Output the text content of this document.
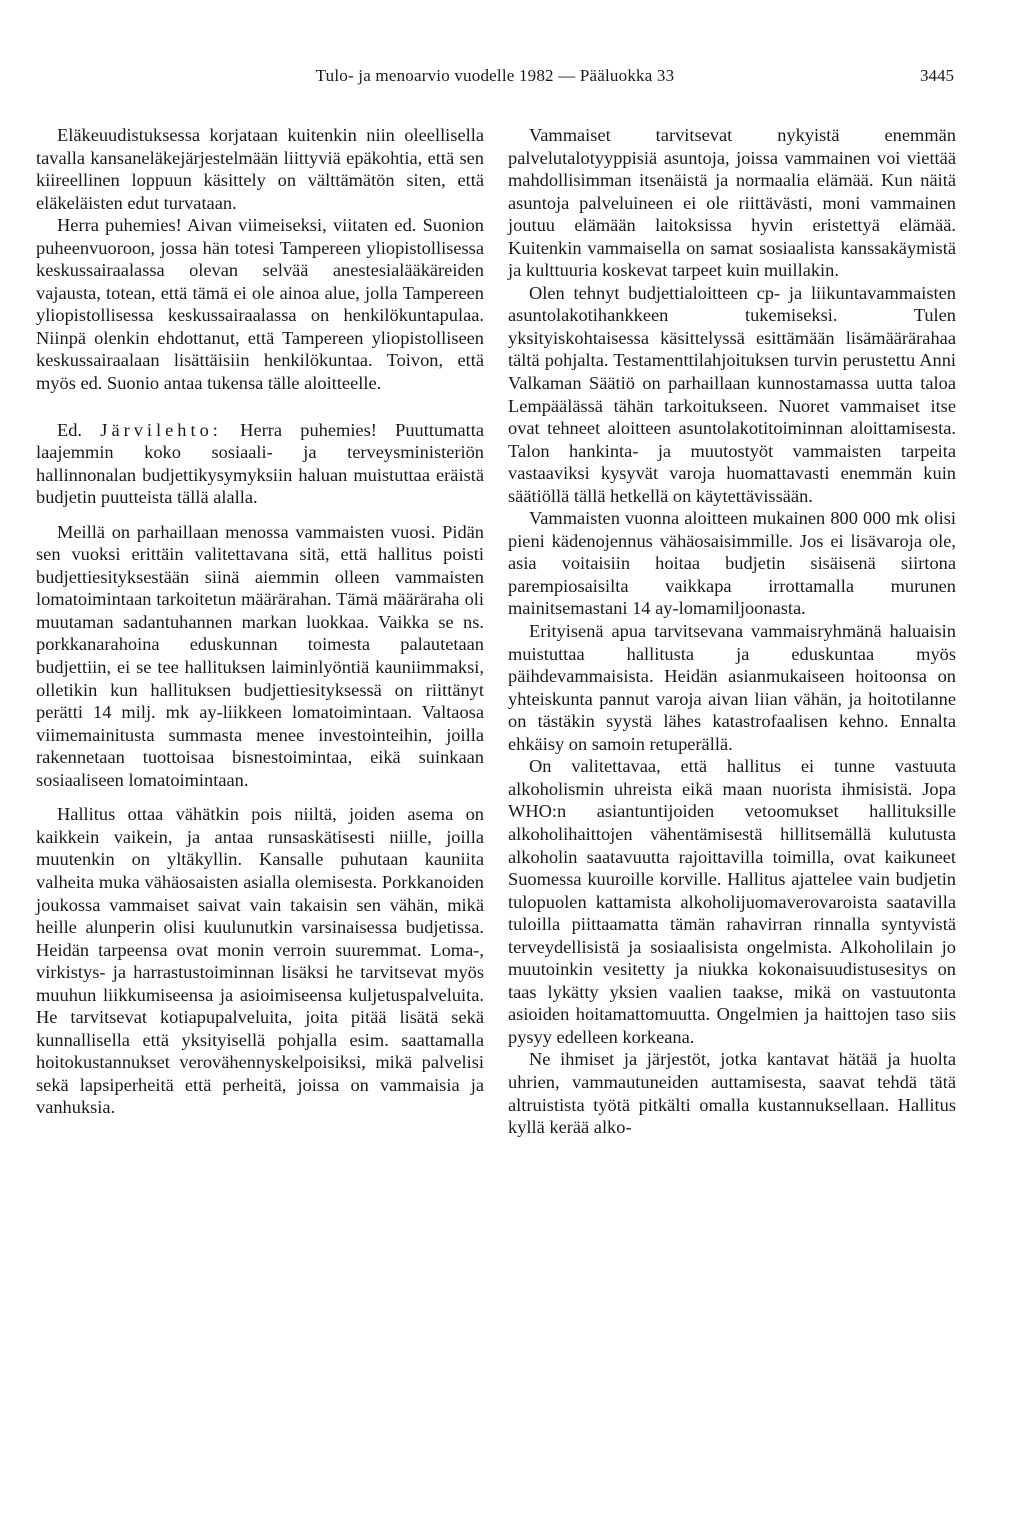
Tulo- ja menoarvio vuodelle 1982 — Pääluokka 33	3445

Eläkeuudistuksessa korjataan kuitenkin niin oleellisella tavalla kansaneläkejärjestelmään liittyviä epäkohtia, että sen kiireellinen loppuun käsittely on välttämätön siten, että eläkeläisten edut turvataan.

Herra puhemies! Aivan viimeiseksi, viitaten ed. Suonion puheenvuoroon, jossa hän totesi Tampereen yliopistollisessa keskussairaalassa olevan selvää anestesialääkäreiden vajausta, totean, että tämä ei ole ainoa alue, jolla Tampereen yliopistollisessa keskussairaalassa on henkilökuntapulaa. Niinpä olenkin ehdottanut, että Tampereen yliopistolliseen keskussairaalaan lisättäisiin henkilökuntaa. Toivon, että myös ed. Suonio antaa tukensa tälle aloitteelle.

Ed. Järvilehto: Herra puhemies! Puuttumatta laajemmin koko sosiaali- ja terveysministeriön hallinnonalan budjettikysymyksiin haluan muistuttaa eräistä budjetin puutteista tällä alalla.

Meillä on parhaillaan menossa vammaisten vuosi. Pidän sen vuoksi erittäin valitettavana sitä, että hallitus poisti budjettiesityksestään siinä aiemmin olleen vammaisten lomatoimintaan tarkoitetun määrärahan. Tämä määräraha oli muutaman sadantuhannen markan luokkaa. Vaikka se ns. porkkanarahoina eduskunnan toimesta palautetaan budjettiin, ei se tee hallituksen laiminlyöntiä kauniimmaksi, olletikin kun hallituksen budjettiesityksessä on riittänyt perätti 14 milj. mk ay-liikkeen lomatoimintaan. Valtaosa viimemainitusta summasta menee investointeihin, joilla rakennetaan tuottoisaa bisnestoimintaa, eikä suinkaan sosiaaliseen lomatoimintaan.

Hallitus ottaa vähätkin pois niiltä, joiden asema on kaikkein vaikein, ja antaa runsaskätisesti niille, joilla muutenkin on yltäkyllin. Kansalle puhutaan kauniita valheita muka vähäosaisten asialla olemisesta. Porkkanoiden joukossa vammaiset saivat vain takaisin sen vähän, mikä heille alunperin olisi kuulunutkin varsinaisessa budjetissa. Heidän tarpeensa ovat monin verroin suuremmat. Loma-, virkistys- ja harrastustoiminnan lisäksi he tarvitsevat myös muuhun liikkumiseensa ja asioimiseensa kuljetuspalveluita. He tarvitsevat kotiapupalveluita, joita pitää lisätä sekä kunnallisella että yksityisellä pohjalla esim. saattamalla hoitokustannukset verovähennyskelpoisiksi, mikä palvelisi sekä lapsiperheitä että perheitä, joissa on vammaisia ja vanhuksia.

Vammaiset tarvitsevat nykyistä enemmän palvelutalotyyppisiä asuntoja, joissa vammainen voi viettää mahdollisimman itsenäistä ja normaalia elämää. Kun näitä asuntoja palveluineen ei ole riittävästi, moni vammainen joutuu elämään laitoksissa hyvin eristettyä elämää. Kuitenkin vammaisella on samat sosiaalista kanssakäymistä ja kulttuuria koskevat tarpeet kuin muillakin.

Olen tehnyt budjettialoitteen cp- ja liikuntavammaisten asuntolakotihankkeen tukemiseksi. Tulen yksityiskohtaisessa käsittelyssä esittämään lisämäärärahaa tältä pohjalta. Testamenttilahjoituksen turvin perustettu Anni Valkaman Säätiö on parhaillaan kunnostamassa uutta taloa Lempäälässä tähän tarkoitukseen. Nuoret vammaiset itse ovat tehneet aloitteen asuntolakotitoiminnan aloittamisesta. Talon hankinta- ja muutostyöt vammaisten tarpeita vastaaviksi kysyvät varoja huomattavasti enemmän kuin säätiöllä tällä hetkellä on käytettävissään.

Vammaisten vuonna aloitteen mukainen 800 000 mk olisi pieni kädenojennus vähäosaisimmille. Jos ei lisävaroja ole, asia voitaisiin hoitaa budjetin sisäisenä siirtona parempiosaisilta vaikkapa irrottamalla murunen mainitsemastani 14 ay-lomamiljoonasta.

Erityisenä apua tarvitsevana vammaisryhmänä haluaisin muistuttaa hallitusta ja eduskuntaa myös päihdevammaisista. Heidän asianmukaiseen hoitoonsa on yhteiskunta pannut varoja aivan liian vähän, ja hoitotilanne on tästäkin syystä lähes katastrofaalisen kehno. Ennalta ehkäisy on samoin retuperällä.

On valitettavaa, että hallitus ei tunne vastuuta alkoholismin uhreista eikä maan nuorista ihmisistä. Jopa WHO:n asiantuntijoiden vetoomukset hallituksille alkoholihaittojen vähentämisestä hillitsemällä kulutusta alkoholin saatavuutta rajoittavilla toimilla, ovat kaikuneet Suomessa kuuroille korville. Hallitus ajattelee vain budjetin tulopuolen kattamista alkoholijuomaverovaroista saatavilla tuloilla piittaamatta tämän rahavirran rinnalla syntyvistä terveydellisistä ja sosiaalisista ongelmista. Alkoholilain jo muutoinkin vesitetty ja niukka kokonaisuudistusesitys on taas lykätty yksien vaalien taakse, mikä on vastuutonta asioiden hoitamattomuutta. Ongelmien ja haittojen taso siis pysyy edelleen korkeana.

Ne ihmiset ja järjestöt, jotka kantavat hätää ja huolta uhrien, vammautuneiden auttamisesta, saavat tehdä tätä altruistista työtä pitkälti omalla kustannuksellaan. Hallitus kyllä kerää alko-
